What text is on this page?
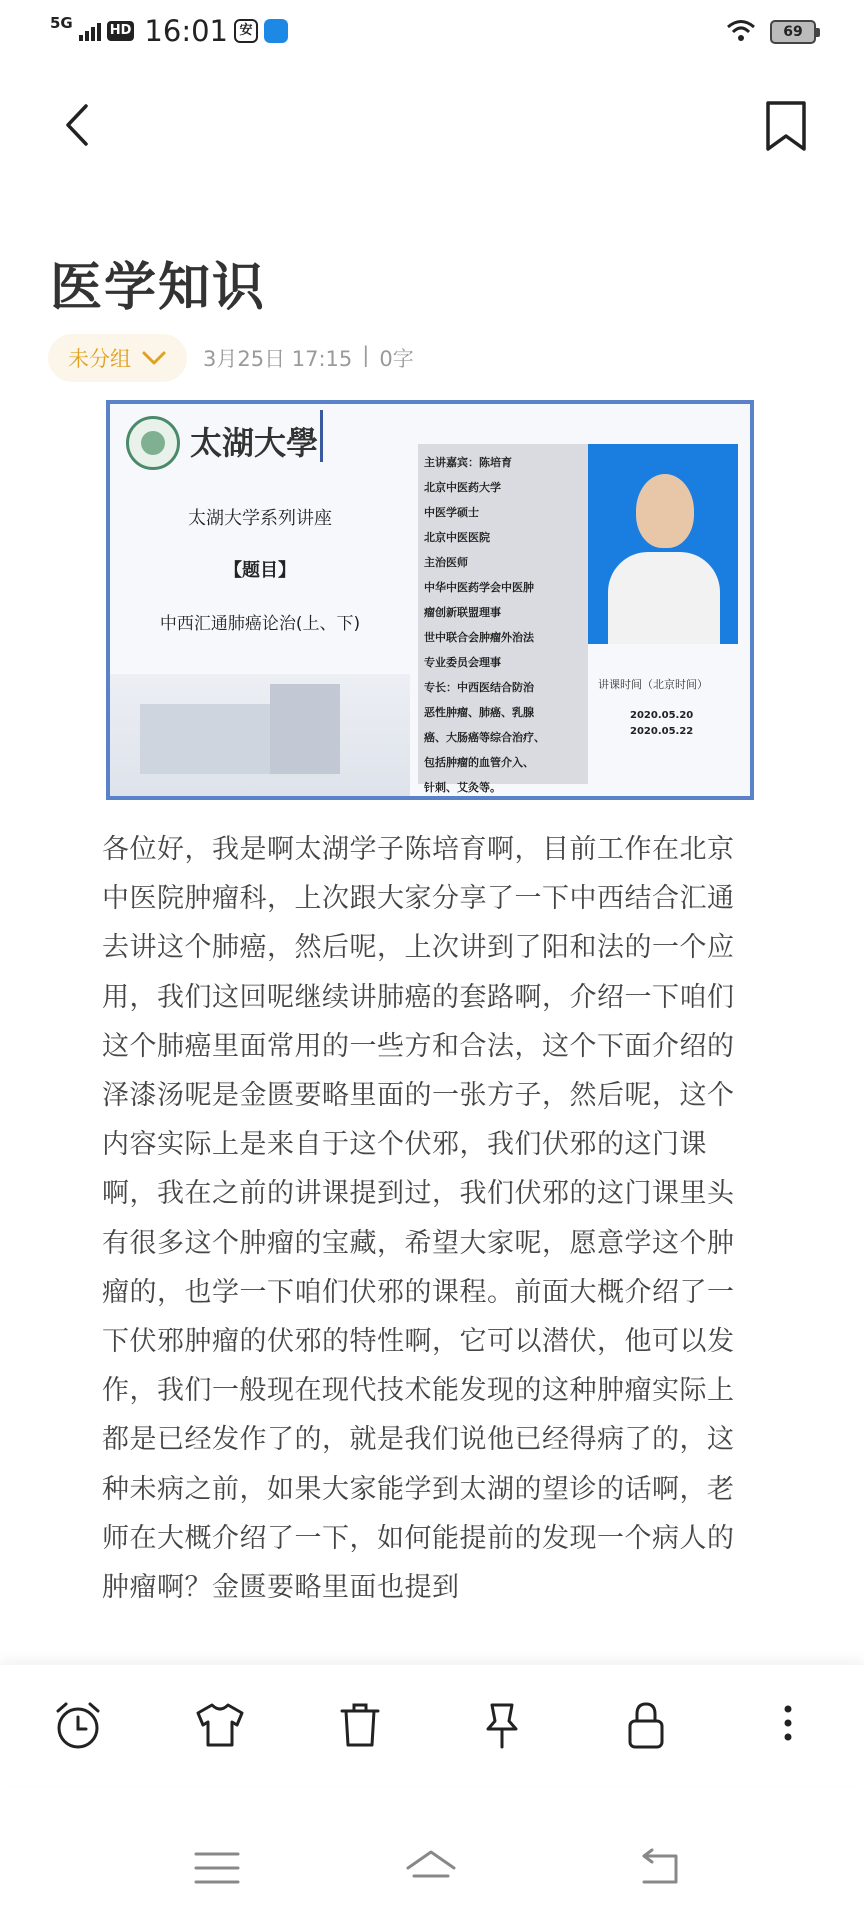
5G	HD 16:01 安	69
医学知识
未分组	3月25日 17:15 | 0字
太湖大學
太湖大学系列讲座
【题目】
中西汇通肺癌论治(上、下)
主讲嘉宾：陈培育
北京中医药大学
中医学硕士
北京中医医院
主治医师
中华中医药学会中医肿
瘤创新联盟理事
世中联合会肿瘤外治法
专业委员会理事
专长：中西医结合防治
恶性肿瘤、肺癌、乳腺
癌、大肠癌等综合治疗、
包括肿瘤的血管介入、
针刺、艾灸等。
讲课时间（北京时间）
2020.05.20
2020.05.22
各位好，我是啊太湖学子陈培育啊，目前工作在北京中医院肿瘤科，上次跟大家分享了一下中西结合汇通去讲这个肺癌，然后呢，上次讲到了阳和法的一个应用，我们这回呢继续讲肺癌的套路啊，介绍一下咱们这个肺癌里面常用的一些方和合法，这个下面介绍的泽漆汤呢是金匮要略里面的一张方子，然后呢，这个内容实际上是来自于这个伏邪，我们伏邪的这门课啊，我在之前的讲课提到过，我们伏邪的这门课里头有很多这个肿瘤的宝藏，希望大家呢，愿意学这个肿瘤的，也学一下咱们伏邪的课程。前面大概介绍了一下伏邪肿瘤的伏邪的特性啊，它可以潜伏，他可以发作，我们一般现在现代技术能发现的这种肿瘤实际上都是已经发作了的，就是我们说他已经得病了的，这种未病之前，如果大家能学到太湖的望诊的话啊，老师在大概介绍了一下，如何能提前的发现一个病人的肿瘤啊？金匮要略里面也提到
